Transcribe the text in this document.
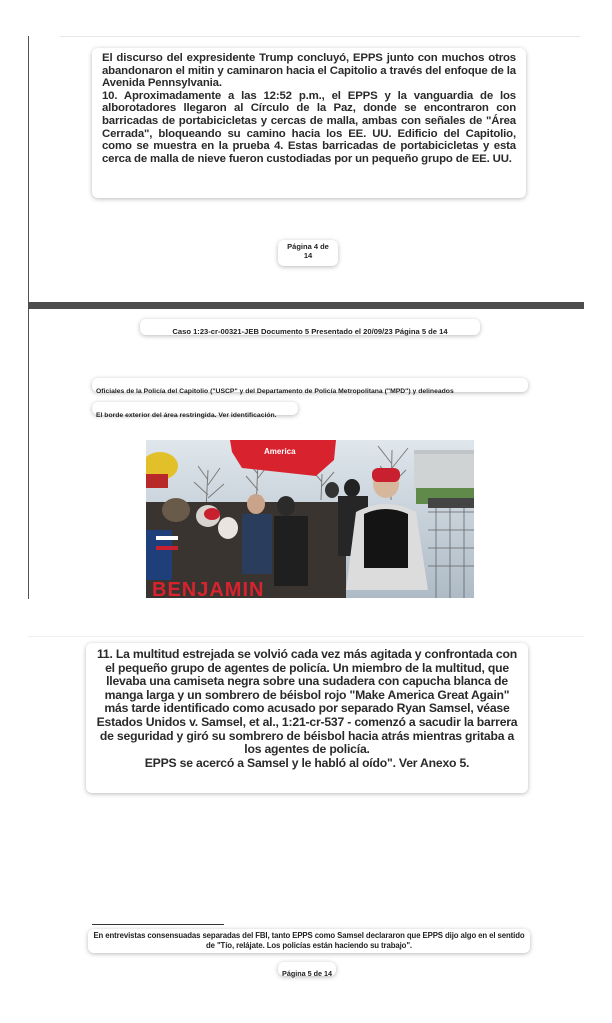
El discurso del expresidente Trump concluyó, EPPS junto con muchos otros abandonaron el mitin y caminaron hacia el Capitolio a través del enfoque de la Avenida Pennsylvania.
10. Aproximadamente a las 12:52 p.m., el EPPS y la vanguardia de los alborotadores llegaron al Círculo de la Paz, donde se encontraron con barricadas de portabicicletas y cercas de malla, ambas con señales de "Área Cerrada", bloqueando su camino hacia los EE. UU. Edificio del Capitolio, como se muestra en la prueba 4. Estas barricadas de portabicicletas y esta cerca de malla de nieve fueron custodiadas por un pequeño grupo de EE. UU.

Página 4 de
14
Caso 1:23-cr-00321-JEB Documento 5 Presentado el 20/09/23 Página 5 de 14
Oficiales de la Policía del Capitolio ("USCP" y del Departamento de Policía Metropolitana ("MPD") y delineados
El borde exterior del área restringida. Ver identificación.
America
BENJAMIN

11. La multitud estrejada se volvió cada vez más agitada y confrontada con el pequeño grupo de agentes de policía. Un miembro de la multitud, que llevaba una camiseta negra sobre una sudadera con capucha blanca de manga larga y un sombrero de béisbol rojo "Make America Great Again" más tarde identificado como acusado por separado Ryan Samsel, véase Estados Unidos v. Samsel, et al., 1:21-cr-537 - comenzó a sacudir la barrera de seguridad y giró su sombrero de béisbol hacia atrás mientras gritaba a los agentes de policía.
EPPS se acercó a Samsel y le habló al oído". Ver Anexo 5.

En entrevistas consensuadas separadas del FBI, tanto EPPS como Samsel declararon que EPPS dijo algo en el sentido de "Tío, relájate. Los policías están haciendo su trabajo".

Página 5 de 14
